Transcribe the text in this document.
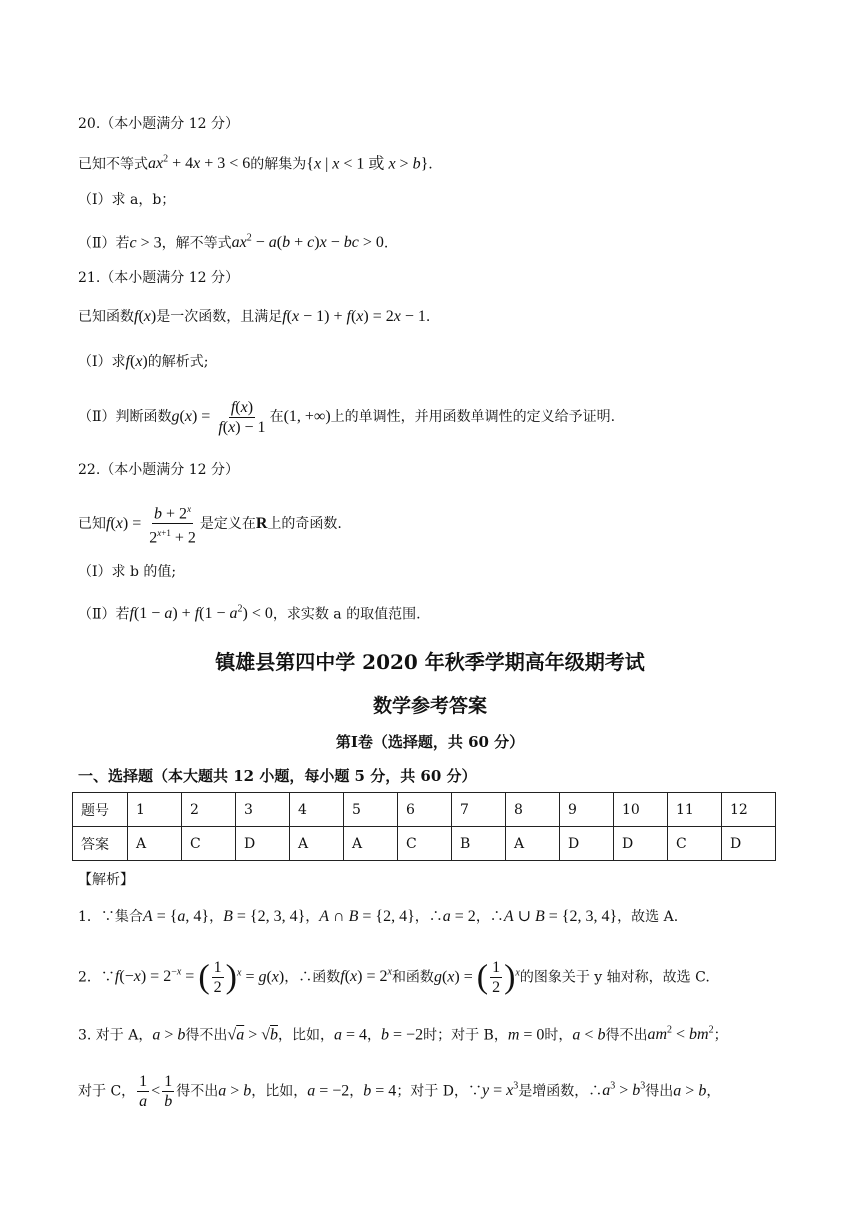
20.（本小题满分 12 分）
已知不等式$ax^2 + 4x + 3 < 6$的解集为{x | x < 1 或 x > b}.
（Ⅰ）求 a，b；
（Ⅱ）若c > 3，解不等式$ax^2 - a(b + c)x$ − bc > 0.
21.（本小题满分 12 分）
已知函数f(x)是一次函数，且满足f(x − 1) + f(x) = 2x − 1.
（Ⅰ）求f(x)的解析式;
（Ⅱ）判断函数$g(x) = \frac{f(x)}{f(x) - 1}$ 在(1, +∞)上的单调性，并用函数单调性的定义给予证明.
22.（本小题满分 12 分）
已知$f(x) = \frac{b + 2^x}{2^{x+1} + 2}$ 是定义在R上的奇函数.
（Ⅰ）求 b 的值;
（Ⅱ）若$f(1 - a) + f(1 - a^2) < 0$，求实数 a 的取值范围.
镇雄县第四中学 2020 年秋季学期高年级期考试
数学参考答案
第Ⅰ卷（选择题，共 60 分）
一、选择题（本大题共 12 小题，每小题 5 分，共 60 分）
题号	1	2	3	4	5	6	7	8	9	10	11	12
答案	A	C	D	A	A	C	B	A	D	D	C	D
【解析】
1．∵集合A = {a, 4}，B = {2, 3, 4}，A ∩ B = {2, 4}，∴a = 2，∴A ∪ B = {2, 3, 4}，故选 A.
2．∵f(−x) = $2^{-x}$ = ( $\frac{1}{2} )^x = g(x)$，∴函数$f(x) = 2^x$和函数g(x) = ( $\frac{1}{2} )^x$的图象关于 y 轴对称，故选 C.
3. 对于 A，a > b得不出√a > √b，比如，a = 4，b = −2时；对于 B，m = 0时，a < b得不出$am^2 < bm^2$；
对于 C， $\frac{1}{a} < \frac{1}{b}$ 得不出a > b，比如，a = −2，b = 4；对于 D，∵y = $x^3$是增函数，$\therefore a^3 > b^3$得出a > b，
